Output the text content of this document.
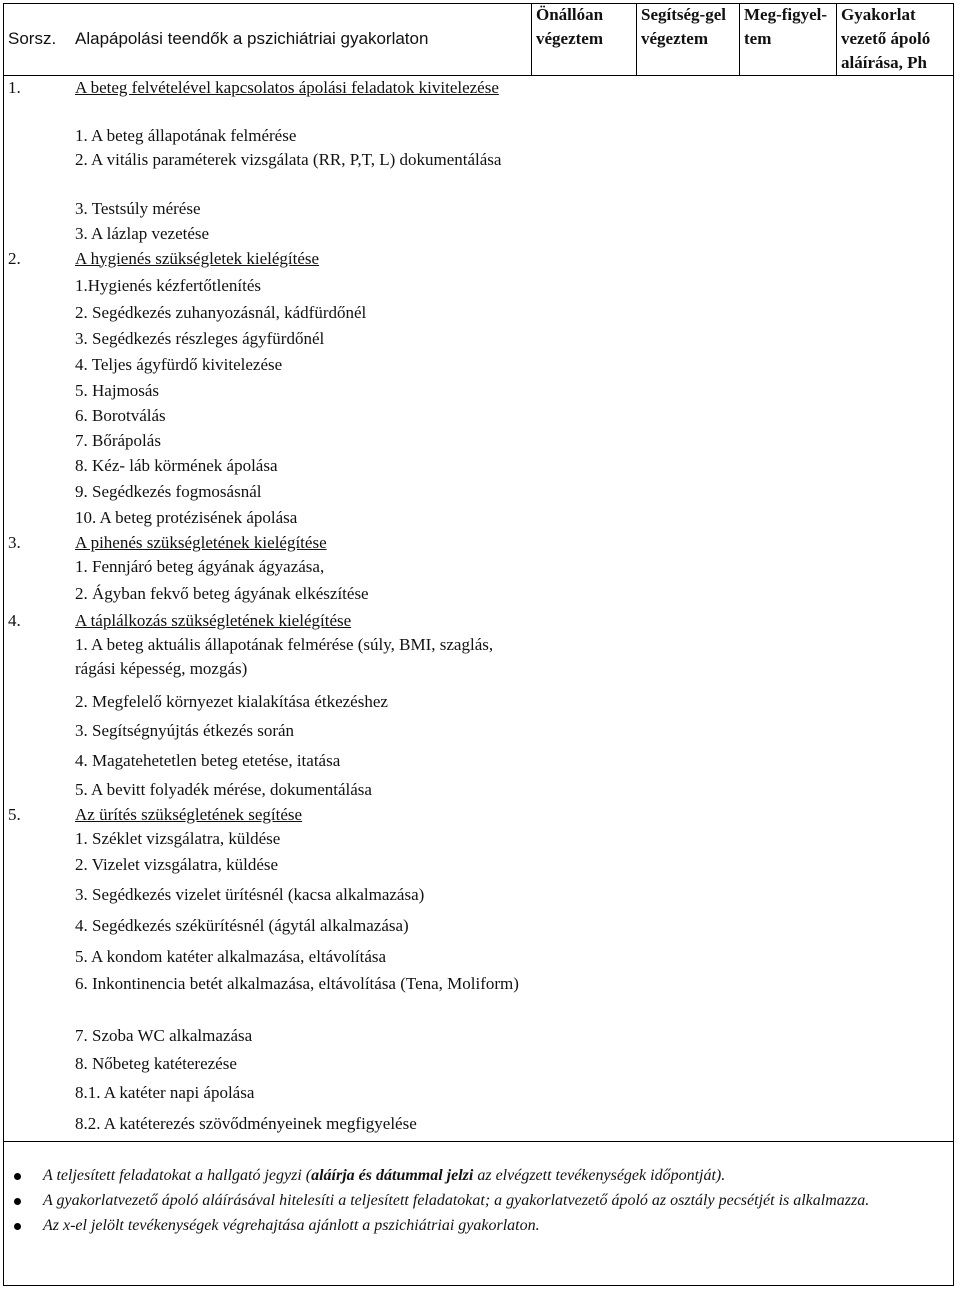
Sorsz.	Alapápolási teendők a pszichiátriai gyakorlaton	Önállóan végeztem	Segítség-gel végeztem	Meg-figyel-tem	Gyakorlat vezető ápoló aláírása, Ph
1.	A beteg felvételével kapcsolatos ápolási feladatok kivitelezése				

	1. A beteg állapotának felmérése				

	2. A vitális paraméterek vizsgálata (RR, P,T, L) dokumentálása				

	3. Testsúly mérése				

	3. A lázlap vezetése				

2.	A hygienés szükségletek kielégítése				

	1.Hygienés kézfertőtlenítés				

	2. Segédkezés zuhanyozásnál, kádfürdőnél				

	3. Segédkezés részleges ágyfürdőnél				

	4. Teljes ágyfürdő kivitelezése				

	5. Hajmosás				

	6. Borotválás				

	7. Bőrápolás				

	8. Kéz- láb körmének ápolása				

	9. Segédkezés fogmosásnál				

	10. A beteg protézisének ápolása				

3.	A pihenés szükségletének kielégítése				

	1. Fennjáró beteg ágyának ágyazása,				

	2. Ágyban fekvő beteg ágyának elkészítése				

4.	A táplálkozás szükségletének kielégítése				

	1. A beteg aktuális állapotának felmérése (súly, BMI, szaglás, rágási képesség, mozgás)				

	2. Megfelelő környezet kialakítása étkezéshez				

	3. Segítségnyújtás étkezés során				

	4. Magatehetetlen beteg etetése, itatása				

	5. A bevitt folyadék mérése, dokumentálása				

5.	Az ürítés szükségletének segítése				

	1. Széklet vizsgálatra, küldése				

	2. Vizelet vizsgálatra, küldése				

	3. Segédkezés vizelet ürítésnél (kacsa alkalmazása)				

	4. Segédkezés székürítésnél (ágytál alkalmazása)				

	5. A kondom katéter alkalmazása, eltávolítása				

	6. Inkontinencia betét alkalmazása, eltávolítása (Tena, Moliform)				

	7. Szoba WC alkalmazása				

	8. Nőbeteg katéterezése				

	8.1. A katéter napi ápolása				

	8.2. A katéterezés szövődményeinek megfigyelése				

A teljesített feladatokat a hallgató jegyzi (aláírja és dátummal jelzi az elvégzett tevékenységek időpontját).
A gyakorlatvezető ápoló aláírásával hitelesíti a teljesített feladatokat; a gyakorlatvezető ápoló az osztály pecsétjét is alkalmazza.
Az x-el jelölt tevékenységek végrehajtása ajánlott a pszichiátriai gyakorlaton.
